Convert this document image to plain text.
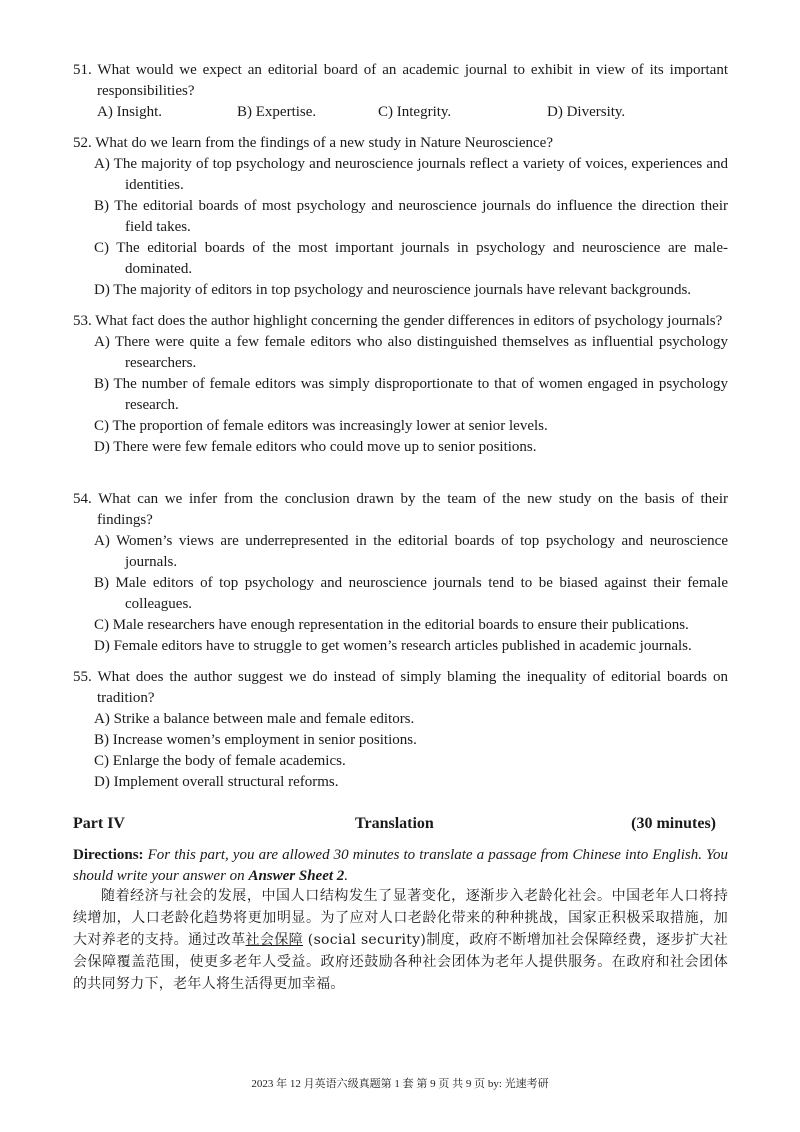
51. What would we expect an editorial board of an academic journal to exhibit in view of its important responsibilities?
A) Insight.	B) Expertise.	C) Integrity.	D) Diversity.
52. What do we learn from the findings of a new study in Nature Neuroscience?
A) The majority of top psychology and neuroscience journals reflect a variety of voices, experiences and identities.
B) The editorial boards of most psychology and neuroscience journals do influence the direction their field takes.
C) The editorial boards of the most important journals in psychology and neuroscience are male-dominated.
D) The majority of editors in top psychology and neuroscience journals have relevant backgrounds.
53. What fact does the author highlight concerning the gender differences in editors of psychology journals?
A) There were quite a few female editors who also distinguished themselves as influential psychology researchers.
B) The number of female editors was simply disproportionate to that of women engaged in psychology research.
C) The proportion of female editors was increasingly lower at senior levels.
D) There were few female editors who could move up to senior positions.
54. What can we infer from the conclusion drawn by the team of the new study on the basis of their findings?
A) Women’s views are underrepresented in the editorial boards of top psychology and neuroscience journals.
B) Male editors of top psychology and neuroscience journals tend to be biased against their female colleagues.
C) Male researchers have enough representation in the editorial boards to ensure their publications.
D) Female editors have to struggle to get women’s research articles published in academic journals.
55. What does the author suggest we do instead of simply blaming the inequality of editorial boards on tradition?
A) Strike a balance between male and female editors.
B) Increase women’s employment in senior positions.
C) Enlarge the body of female academics.
D) Implement overall structural reforms.
Part IV	Translation	(30 minutes)
Directions: For this part, you are allowed 30 minutes to translate a passage from Chinese into English. You should write your answer on Answer Sheet 2.
随着经济与社会的发展，中国人口结构发生了显著变化，逐渐步入老龄化社会。中国老年人口将持续增加，人口老龄化趋势将更加明显。为了应对人口老龄化带来的种种挑战，国家正积极采取措施，加大对养老的支持。通过改革社会保障 (social security)制度，政府不断增加社会保障经费，逐步扩大社会保障覆盖范围，使更多老年人受益。政府还鼓励各种社会团体为老年人提供服务。在政府和社会团体的共同努力下，老年人将生活得更加幸福。
2023 年 12 月英语六级真题第 1 套 第 9 页 共 9 页 by: 光速考研
